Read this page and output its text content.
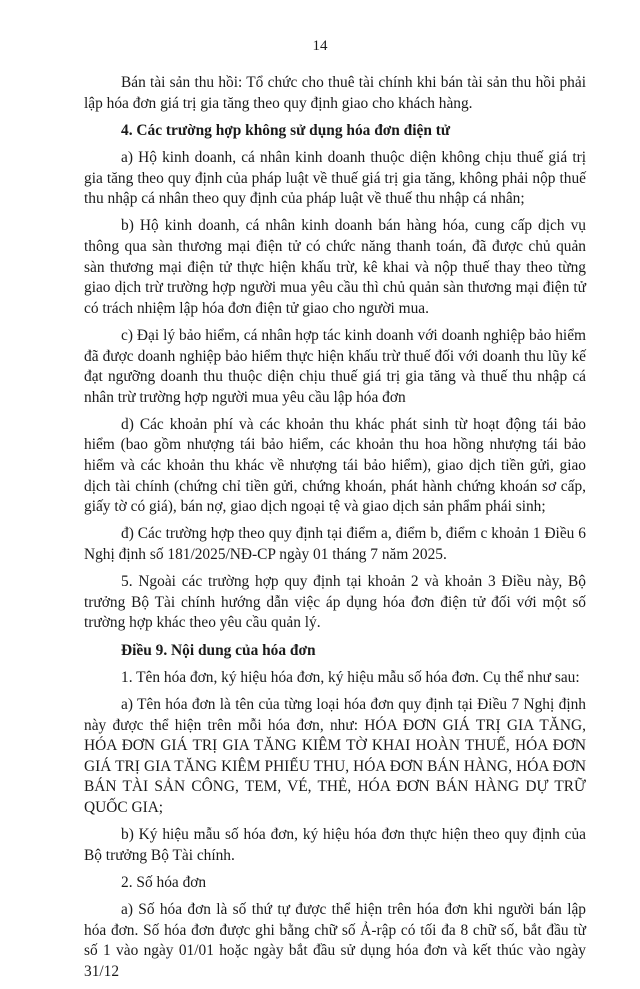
14

Bán tài sản thu hồi: Tổ chức cho thuê tài chính khi bán tài sản thu hồi phải lập hóa đơn giá trị gia tăng theo quy định giao cho khách hàng.

4. Các trường hợp không sử dụng hóa đơn điện tử

a) Hộ kinh doanh, cá nhân kinh doanh thuộc diện không chịu thuế giá trị gia tăng theo quy định của pháp luật về thuế giá trị gia tăng, không phải nộp thuế thu nhập cá nhân theo quy định của pháp luật về thuế thu nhập cá nhân;

b) Hộ kinh doanh, cá nhân kinh doanh bán hàng hóa, cung cấp dịch vụ thông qua sàn thương mại điện tử có chức năng thanh toán, đã được chủ quản sàn thương mại điện tử thực hiện khấu trừ, kê khai và nộp thuế thay theo từng giao dịch trừ trường hợp người mua yêu cầu thì chủ quản sàn thương mại điện tử có trách nhiệm lập hóa đơn điện tử giao cho người mua.

c) Đại lý bảo hiểm, cá nhân hợp tác kinh doanh với doanh nghiệp bảo hiểm đã được doanh nghiệp bảo hiểm thực hiện khấu trừ thuế đối với doanh thu lũy kế đạt ngưỡng doanh thu thuộc diện chịu thuế giá trị gia tăng và thuế thu nhập cá nhân trừ trường hợp người mua yêu cầu lập hóa đơn

d) Các khoản phí và các khoản thu khác phát sinh từ hoạt động tái bảo hiểm (bao gồm nhượng tái bảo hiểm, các khoản thu hoa hồng nhượng tái bảo hiểm và các khoản thu khác về nhượng tái bảo hiểm), giao dịch tiền gửi, giao dịch tài chính (chứng chỉ tiền gửi, chứng khoán, phát hành chứng khoán sơ cấp, giấy tờ có giá), bán nợ, giao dịch ngoại tệ và giao dịch sản phẩm phái sinh;

đ) Các trường hợp theo quy định tại điểm a, điểm b, điểm c khoản 1 Điều 6 Nghị định số 181/2025/NĐ-CP ngày 01 tháng 7 năm 2025.

5. Ngoài các trường hợp quy định tại khoản 2 và khoản 3 Điều này, Bộ trưởng Bộ Tài chính hướng dẫn việc áp dụng hóa đơn điện tử đối với một số trường hợp khác theo yêu cầu quản lý.

Điều 9. Nội dung của hóa đơn

1. Tên hóa đơn, ký hiệu hóa đơn, ký hiệu mẫu số hóa đơn. Cụ thể như sau:

a) Tên hóa đơn là tên của từng loại hóa đơn quy định tại Điều 7 Nghị định này được thể hiện trên mỗi hóa đơn, như: HÓA ĐƠN GIÁ TRỊ GIA TĂNG, HÓA ĐƠN GIÁ TRỊ GIA TĂNG KIÊM TỜ KHAI HOÀN THUẾ, HÓA ĐƠN GIÁ TRỊ GIA TĂNG KIÊM PHIẾU THU, HÓA ĐƠN BÁN HÀNG, HÓA ĐƠN BÁN TÀI SẢN CÔNG, TEM, VÉ, THẺ, HÓA ĐƠN BÁN HÀNG DỰ TRỮ QUỐC GIA;

b) Ký hiệu mẫu số hóa đơn, ký hiệu hóa đơn thực hiện theo quy định của Bộ trưởng Bộ Tài chính.

2. Số hóa đơn

a) Số hóa đơn là số thứ tự được thể hiện trên hóa đơn khi người bán lập hóa đơn. Số hóa đơn được ghi bằng chữ số Ả-rập có tối đa 8 chữ số, bắt đầu từ số 1 vào ngày 01/01 hoặc ngày bắt đầu sử dụng hóa đơn và kết thúc vào ngày 31/12
